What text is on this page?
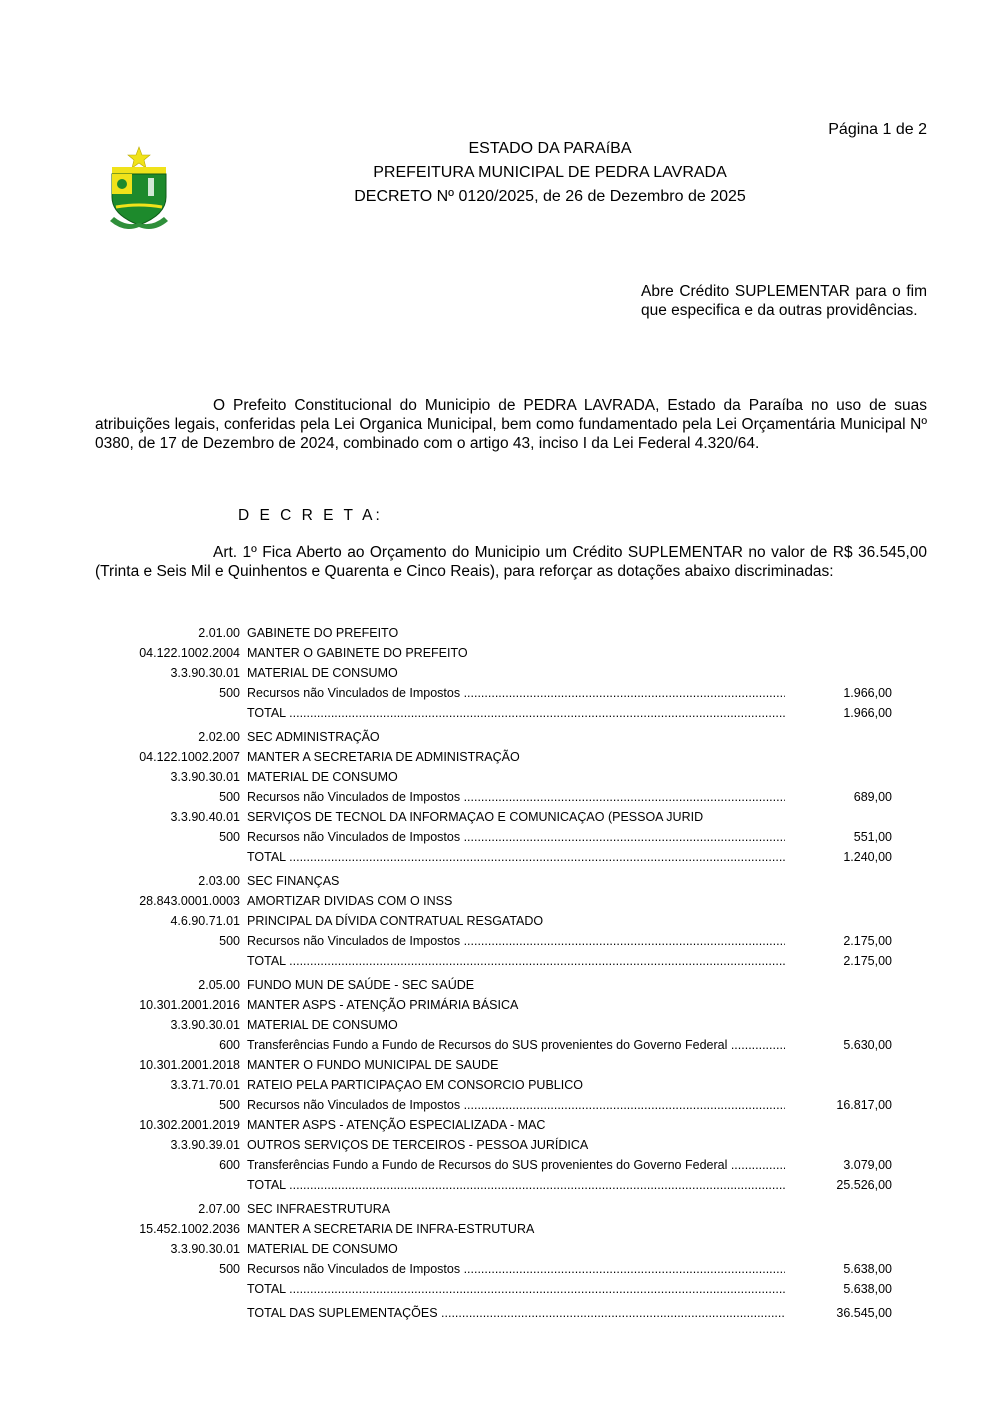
Página 1 de 2
ESTADO DA PARAíBA
PREFEITURA MUNICIPAL DE PEDRA LAVRADA
DECRETO Nº 0120/2025, de 26 de Dezembro de 2025
Abre Crédito SUPLEMENTAR para o fim que especifica e da outras providências.
O Prefeito Constitucional do Municipio de PEDRA LAVRADA, Estado da Paraíba no uso de suas atribuições legais, conferidas pela Lei Organica Municipal, bem como fundamentado pela Lei Orçamentária Municipal Nº 0380, de 17 de Dezembro de 2024, combinado com o artigo 43, inciso I da Lei Federal 4.320/64.
D E C R E T A:
Art. 1º Fica Aberto ao Orçamento do Municipio um Crédito SUPLEMENTAR no valor de R$ 36.545,00 (Trinta e Seis Mil e Quinhentos e Quarenta e Cinco Reais), para reforçar as dotações abaixo discriminadas:
2.01.00 GABINETE DO PREFEITO
04.122.1002.2004 MANTER O GABINETE DO PREFEITO
3.3.90.30.01 MATERIAL DE CONSUMO
500 Recursos não Vinculados de Impostos .....	1.966,00
TOTAL .....	1.966,00
2.02.00 SEC ADMINISTRAÇÃO
04.122.1002.2007 MANTER A SECRETARIA DE ADMINISTRAÇÃO
3.3.90.30.01 MATERIAL DE CONSUMO
500 Recursos não Vinculados de Impostos .....	689,00
3.3.90.40.01 SERVIÇOS DE TECNOL DA INFORMAÇAO E COMUNICAÇAO (PESSOA JURID
500 Recursos não Vinculados de Impostos .....	551,00
TOTAL .....	1.240,00
2.03.00 SEC FINANÇAS
28.843.0001.0003 AMORTIZAR DIVIDAS COM O INSS
4.6.90.71.01 PRINCIPAL DA DÍVIDA CONTRATUAL RESGATADO
500 Recursos não Vinculados de Impostos .....	2.175,00
TOTAL .....	2.175,00
2.05.00 FUNDO MUN DE SAÚDE - SEC SAÚDE
10.301.2001.2016 MANTER ASPS - ATENÇÃO PRIMÁRIA BÁSICA
3.3.90.30.01 MATERIAL DE CONSUMO
600 Transferências Fundo a Fundo de Recursos do SUS provenientes do Governo Federal .....	5.630,00
10.301.2001.2018 MANTER O FUNDO MUNICIPAL DE SAUDE
3.3.71.70.01 RATEIO PELA PARTICIPAÇAO EM CONSORCIO PUBLICO
500 Recursos não Vinculados de Impostos .....	16.817,00
10.302.2001.2019 MANTER ASPS - ATENÇÃO ESPECIALIZADA - MAC
3.3.90.39.01 OUTROS SERVIÇOS DE TERCEIROS - PESSOA JURÍDICA
600 Transferências Fundo a Fundo de Recursos do SUS provenientes do Governo Federal .....	3.079,00
TOTAL .....	25.526,00
2.07.00 SEC INFRAESTRUTURA
15.452.1002.2036 MANTER A SECRETARIA DE INFRA-ESTRUTURA
3.3.90.30.01 MATERIAL DE CONSUMO
500 Recursos não Vinculados de Impostos .....	5.638,00
TOTAL .....	5.638,00
TOTAL DAS SUPLEMENTAÇÕES .....	36.545,00
